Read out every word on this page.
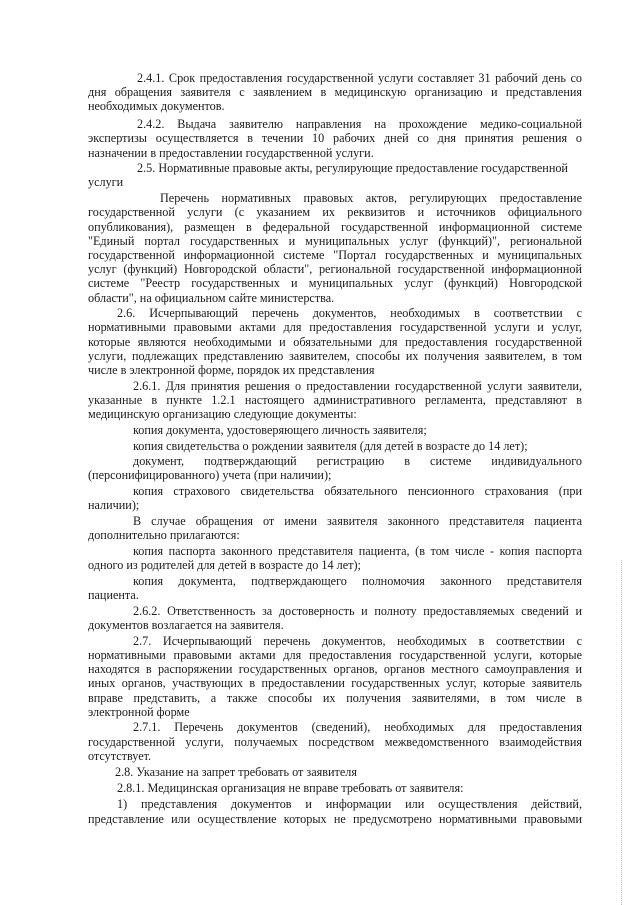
2.4.1. Срок предоставления государственной услуги составляет 31 рабочий день со
дня обращения заявителя с заявлением в медицинскую организацию и представления
необходимых документов.
2.4.2. Выдача заявителю направления на прохождение медико-социальной
экспертизы осуществляется в течении 10 рабочих дней со дня принятия решения о
назначении в предоставлении государственной услуги.
2.5. Нормативные правовые акты, регулирующие предоставление государственной
услуги
Перечень нормативных правовых актов, регулирующих предоставление
государственной услуги (с указанием их реквизитов и источников официального
опубликования), размещен в федеральной государственной информационной системе
"Единый портал государственных и муниципальных услуг (функций)", региональной
государственной информационной системе "Портал государственных и муниципальных
услуг (функций) Новгородской области", региональной государственной информационной
системе "Реестр государственных и муниципальных услуг (функций) Новгородской
области", на официальном сайте министерства.
2.6. Исчерпывающий перечень документов, необходимых в соответствии с
нормативными правовыми актами для предоставления государственной услуги и услуг,
которые являются необходимыми и обязательными для предоставления государственной
услуги, подлежащих представлению заявителем, способы их получения заявителем, в том
числе в электронной форме, порядок их представления
2.6.1. Для принятия решения о предоставлении государственной услуги заявители,
указанные в пункте 1.2.1 настоящего административного регламента, представляют в
медицинскую организацию следующие документы:
копия документа, удостоверяющего личность заявителя;
копия свидетельства о рождении заявителя (для детей в возрасте до 14 лет);
документ, подтверждающий регистрацию в системе индивидуального
(персонифицированного) учета (при наличии);
копия страхового свидетельства обязательного пенсионного страхования (при
наличии);
В случае обращения от имени заявителя законного представителя пациента
дополнительно прилагаются:
копия паспорта законного представителя пациента, (в том числе - копия паспорта
одного из родителей для детей в возрасте до 14 лет);
копия документа, подтверждающего полномочия законного представителя
пациента.
2.6.2. Ответственность за достоверность и полноту предоставляемых сведений и
документов возлагается на заявителя.
2.7. Исчерпывающий перечень документов, необходимых в соответствии с
нормативными правовыми актами для предоставления государственной услуги, которые
находятся в распоряжении государственных органов, органов местного самоуправления и
иных органов, участвующих в предоставлении государственных услуг, которые заявитель
вправе представить, а также способы их получения заявителями, в том числе в
электронной форме
2.7.1. Перечень документов (сведений), необходимых для предоставления
государственной услуги, получаемых посредством межведомственного взаимодействия
отсутствует.
2.8. Указание на запрет требовать от заявителя
2.8.1. Медицинская организация не вправе требовать от заявителя:
1) представления документов и информации или осуществления действий,
представление или осуществление которых не предусмотрено нормативными правовыми
